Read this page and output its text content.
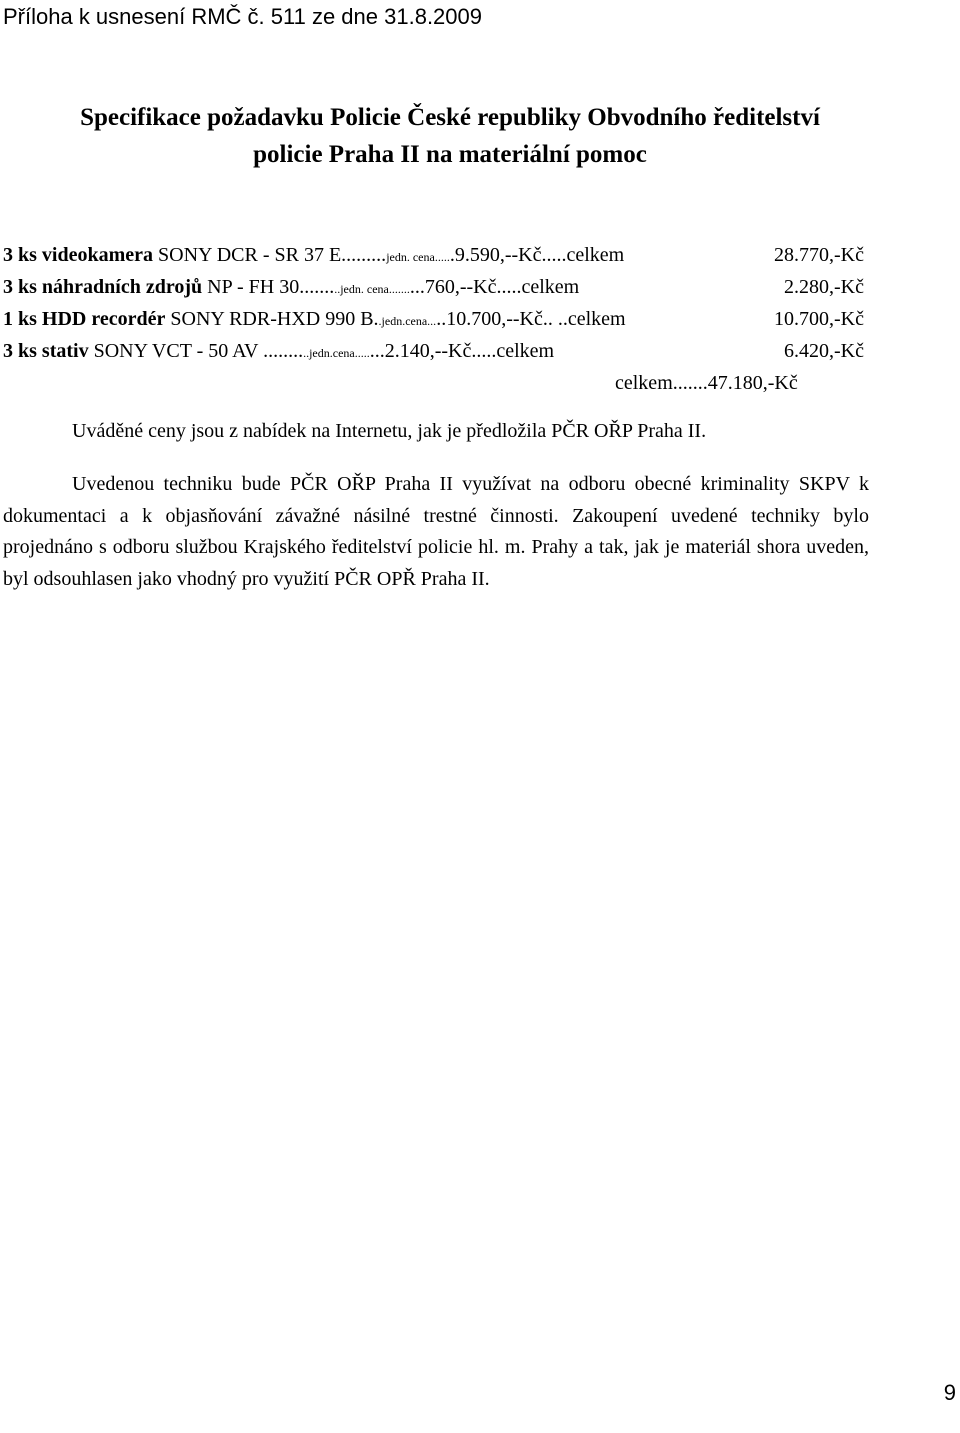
Příloha k usnesení RMČ č. 511 ze dne 31.8.2009
Specifikace požadavku Policie České republiky Obvodního ředitelství
policie Praha II na materiální pomoc
3 ks videokamera SONY DCR - SR 37 E.........jedn. cena......9.590,--Kč.....celkem	28.770,-Kč
3 ks náhradních zdrojů NP - FH 30.........jedn. cena..........760,--Kč.....celkem	2.280,-Kč
1 ks HDD recordér SONY RDR-HXD 990 B..jedn.cena.....10.700,--Kč.. ..celkem	10.700,-Kč
3 ks stativ SONY VCT - 50 AV ..........jedn.cena........2.140,--Kč.....celkem	6.420,-Kč
celkem.......47.180,-Kč
Uváděné ceny jsou z nabídek na Internetu, jak je předložila PČR OŘP Praha II.

Uvedenou techniku bude PČR OŘP Praha II využívat na odboru obecné kriminality SKPV k dokumentaci a k objasňování závažné násilné trestné činnosti. Zakoupení uvedené techniky bylo projednáno s odboru službou Krajského ředitelství policie hl. m. Prahy a tak, jak je materiál shora uveden, byl odsouhlasen jako vhodný pro využití PČR OPŘ Praha II.

9
